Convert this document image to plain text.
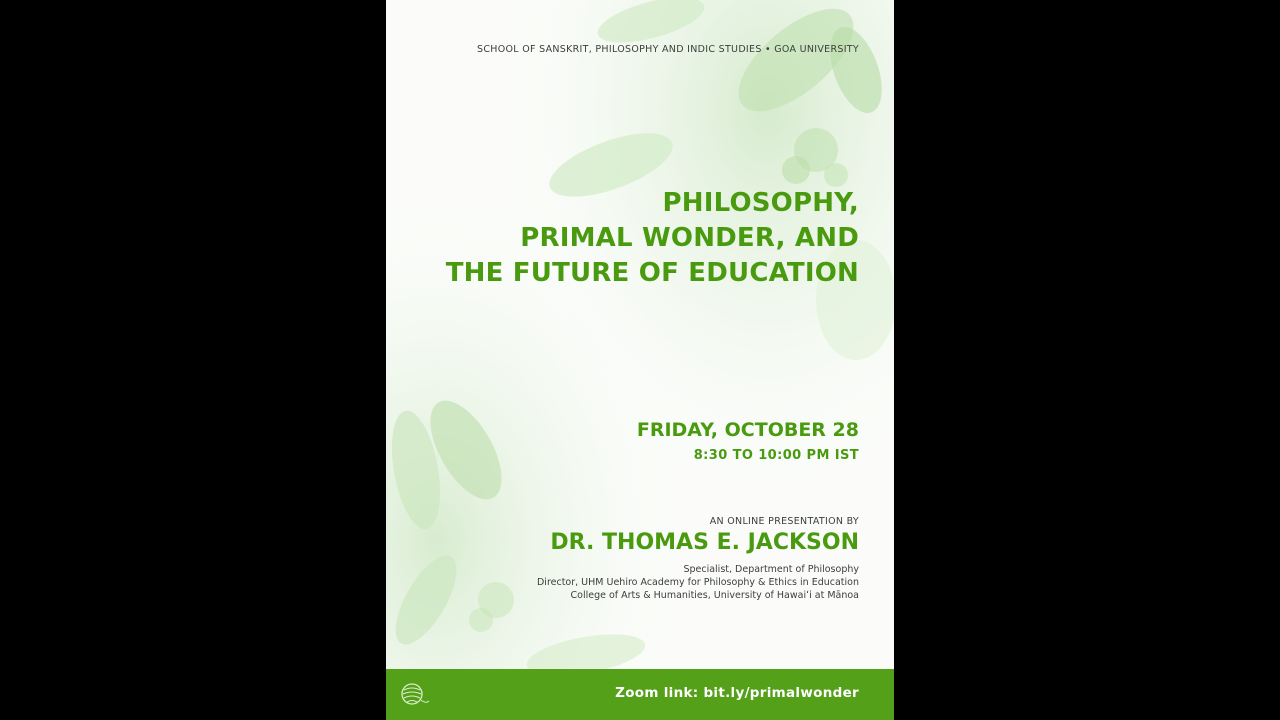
SCHOOL OF SANSKRIT, PHILOSOPHY AND INDIC STUDIES • GOA UNIVERSITY
PHILOSOPHY,
PRIMAL WONDER, AND
THE FUTURE OF EDUCATION
FRIDAY, OCTOBER 28
8:30 TO 10:00 PM IST
AN ONLINE PRESENTATION BY
DR. THOMAS E. JACKSON
Specialist, Department of Philosophy
Director, UHM Uehiro Academy for Philosophy & Ethics in Education
College of Arts & Humanities, University of Hawaiʻi at Mānoa
Zoom link: bit.ly/primalwonder
